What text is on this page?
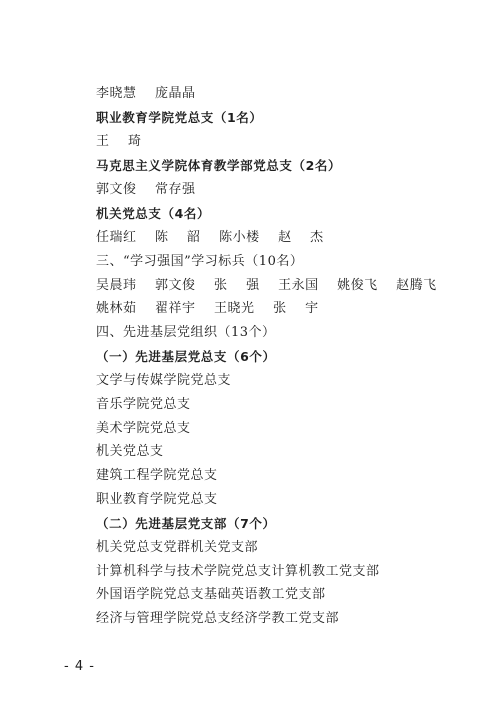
李晓慧    庞晶晶
职业教育学院党总支（1名）
王    琦
马克思主义学院体育教学部党总支（2名）
郭文俊    常存强
机关党总支（4名）
任瑞红    陈    韶    陈小楼    赵    杰
三、“学习强国”学习标兵（10名）
吴晨玮    郭文俊    张    强    王永国    姚俊飞    赵腾飞
姚林茹    翟祥宇    王晓光    张    宇
四、先进基层党组织（13个）
（一）先进基层党总支（6个）
文学与传媒学院党总支
音乐学院党总支
美术学院党总支
机关党总支
建筑工程学院党总支
职业教育学院党总支
（二）先进基层党支部（7个）
机关党总支党群机关党支部
计算机科学与技术学院党总支计算机教工党支部
外国语学院党总支基础英语教工党支部
经济与管理学院党总支经济学教工党支部
- 4 -
